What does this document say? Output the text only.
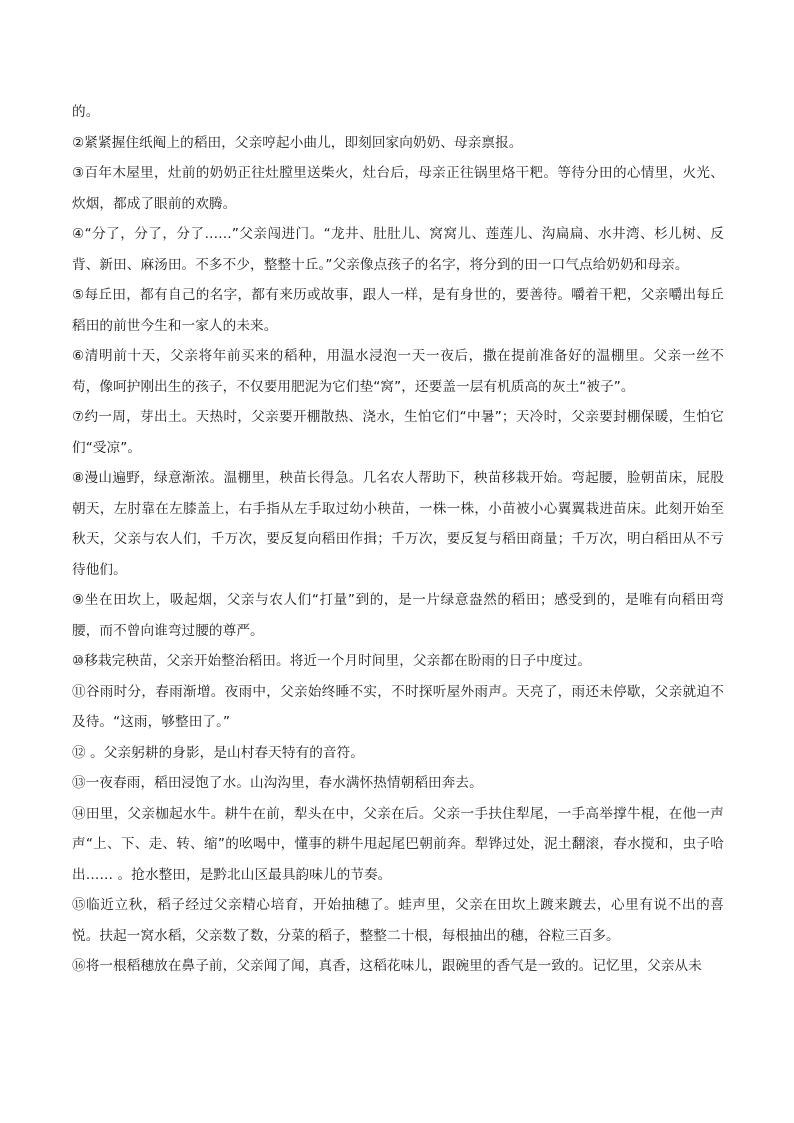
的。

②紧紧握住纸阄上的稻田，父亲哼起小曲儿，即刻回家向奶奶、母亲禀报。

③百年木屋里，灶前的奶奶正往灶膛里送柴火，灶台后，母亲正往锅里烙干粑。等待分田的心情里，火光、炊烟，都成了眼前的欢腾。

④“分了，分了，分了……”父亲闯进门。“龙井、肚肚儿、窝窝儿、莲莲儿、沟扁扁、水井湾、杉儿树、反背、新田、麻汤田。不多不少，整整十丘。”父亲像点孩子的名字，将分到的田一口气点给奶奶和母亲。

⑤每丘田，都有自己的名字，都有来历或故事，跟人一样，是有身世的，要善待。嚼着干粑，父亲嚼出每丘稻田的前世今生和一家人的未来。

⑥清明前十天，父亲将年前买来的稻种，用温水浸泡一天一夜后，撒在提前准备好的温棚里。父亲一丝不苟，像呵护刚出生的孩子，不仅要用肥泥为它们垫“窝”，还要盖一层有机质高的灰土“被子”。

⑦约一周，芽出土。天热时，父亲要开棚散热、浇水，生怕它们“中暑”；天冷时，父亲要封棚保暖，生怕它们“受凉”。

⑧漫山遍野，绿意渐浓。温棚里，秧苗长得急。几名农人帮助下，秧苗移栽开始。弯起腰，脸朝苗床，屁股朝天，左肘靠在左膝盖上，右手指从左手取过幼小秧苗，一株一株，小苗被小心翼翼栽进苗床。此刻开始至秋天，父亲与农人们，千万次，要反复向稻田作揖；千万次，要反复与稻田商量；千万次，明白稻田从不亏待他们。

⑨坐在田坎上，吸起烟，父亲与农人们“打量”到的，是一片绿意盎然的稻田；感受到的，是唯有向稻田弯腰，而不曾向谁弯过腰的尊严。

⑩移栽完秧苗，父亲开始整治稻田。将近一个月时间里，父亲都在盼雨的日子中度过。

⑪谷雨时分，春雨渐增。夜雨中，父亲始终睡不实，不时探听屋外雨声。天亮了，雨还未停歇，父亲就迫不及待。“这雨，够整田了。”

⑫ 。父亲躬耕的身影，是山村春天特有的音符。

⑬一夜春雨，稻田浸饱了水。山沟沟里，春水满怀热情朝稻田奔去。

⑭田里，父亲枷起水牛。耕牛在前，犁头在中，父亲在后。父亲一手扶住犁尾，一手高举撑牛棍，在他一声声“上、下、走、转、缩”的吆喝中，懂事的耕牛甩起尾巴朝前奔。犁铧过处，泥土翻滚，春水搅和，虫子哈出…… 。抢水整田，是黔北山区最具韵味儿的节奏。

⑮临近立秋，稻子经过父亲精心培育，开始抽穗了。蛙声里，父亲在田坎上踱来踱去，心里有说不出的喜悦。扶起一窝水稻，父亲数了数，分菜的稻子，整整二十根，每根抽出的穗，谷粒三百多。

⑯将一根稻穗放在鼻子前，父亲闻了闻，真香，这稻花味儿，跟碗里的香气是一致的。记忆里，父亲从未
